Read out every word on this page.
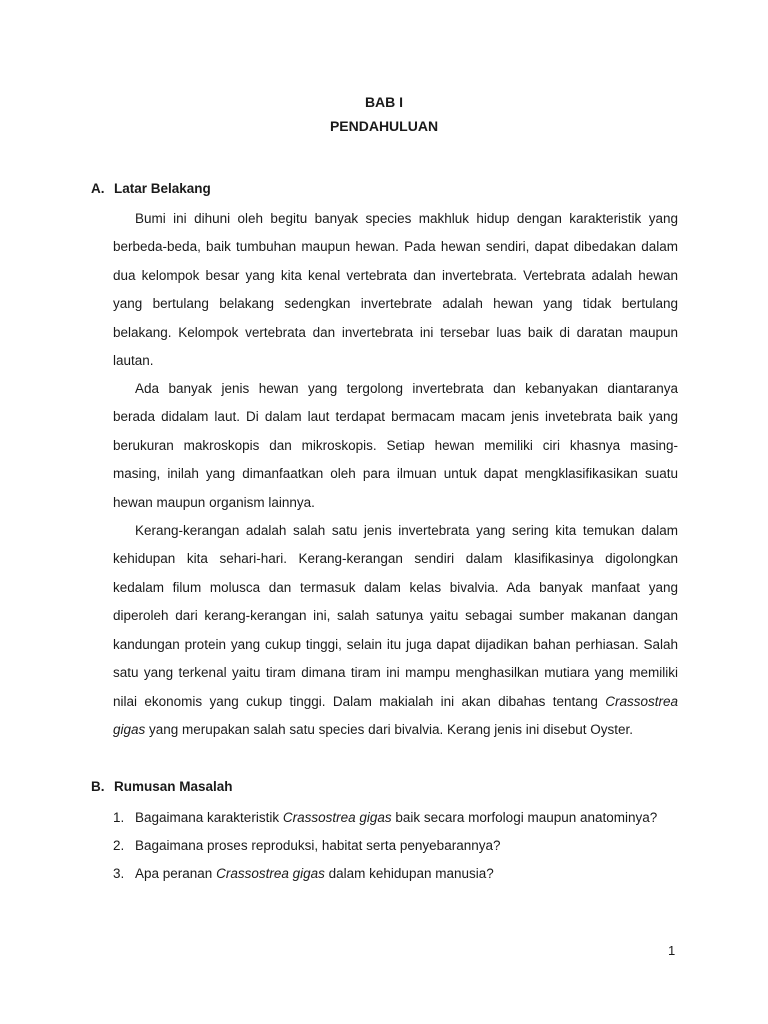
BAB I
PENDAHULUAN
A. Latar Belakang
Bumi ini dihuni oleh begitu banyak species makhluk hidup dengan karakteristik yang
berbeda-beda, baik tumbuhan maupun hewan. Pada hewan sendiri, dapat dibedakan dalam
dua kelompok besar yang kita kenal vertebrata dan invertebrata. Vertebrata adalah hewan
yang bertulang belakang sedengkan invertebrate adalah hewan yang tidak bertulang
belakang. Kelompok vertebrata dan invertebrata ini tersebar luas baik di daratan maupun
lautan.
Ada banyak jenis hewan yang tergolong invertebrata dan kebanyakan diantaranya
berada didalam laut. Di dalam laut terdapat bermacam macam jenis invetebrata baik yang
berukuran makroskopis dan mikroskopis. Setiap hewan memiliki ciri khasnya masing-
masing, inilah yang dimanfaatkan oleh para ilmuan untuk dapat mengklasifikasikan suatu
hewan maupun organism lainnya.
Kerang-kerangan adalah salah satu jenis invertebrata yang sering kita temukan dalam
kehidupan kita sehari-hari. Kerang-kerangan sendiri dalam klasifikasinya digolongkan
kedalam filum molusca dan termasuk dalam kelas bivalvia. Ada banyak manfaat yang
diperoleh dari kerang-kerangan ini, salah satunya yaitu sebagai sumber makanan dangan
kandungan protein yang cukup tinggi, selain itu juga dapat dijadikan bahan perhiasan. Salah
satu yang terkenal yaitu tiram dimana tiram ini mampu menghasilkan mutiara yang memiliki
nilai ekonomis yang cukup tinggi. Dalam makialah ini akan dibahas tentang Crassostrea
gigas yang merupakan salah satu species dari bivalvia. Kerang jenis ini disebut Oyster.
B. Rumusan Masalah
1. Bagaimana karakteristik Crassostrea gigas baik secara morfologi maupun anatominya?
2. Bagaimana proses reproduksi, habitat serta penyebarannya?
3. Apa peranan Crassostrea gigas dalam kehidupan manusia?
1
